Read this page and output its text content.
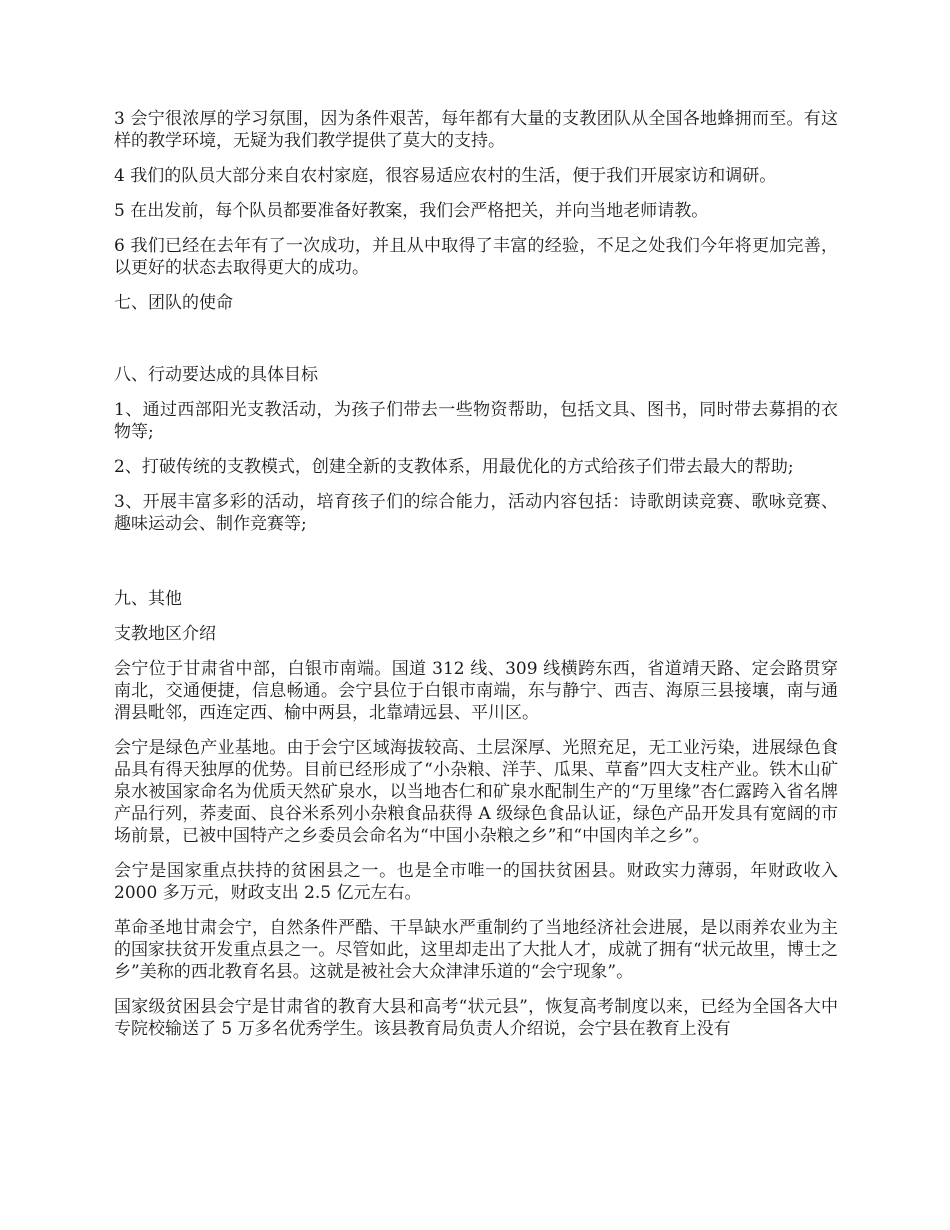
3 会宁很浓厚的学习氛围，因为条件艰苦，每年都有大量的支教团队从全国各地蜂拥而至。有这样的教学环境，无疑为我们教学提供了莫大的支持。

4 我们的队员大部分来自农村家庭，很容易适应农村的生活，便于我们开展家访和调研。

5 在出发前，每个队员都要准备好教案，我们会严格把关，并向当地老师请教。

6 我们已经在去年有了一次成功，并且从中取得了丰富的经验，不足之处我们今年将更加完善，以更好的状态去取得更大的成功。

七、团队的使命

八、行动要达成的具体目标

1、通过西部阳光支教活动，为孩子们带去一些物资帮助，包括文具、图书，同时带去募捐的衣物等;

2、打破传统的支教模式，创建全新的支教体系，用最优化的方式给孩子们带去最大的帮助;

3、开展丰富多彩的活动，培育孩子们的综合能力，活动内容包括：诗歌朗读竞赛、歌咏竞赛、趣味运动会、制作竞赛等;

九、其他

支教地区介绍

会宁位于甘肃省中部，白银市南端。国道 312 线、309 线横跨东西，省道靖天路、定会路贯穿南北，交通便捷，信息畅通。会宁县位于白银市南端，东与静宁、西吉、海原三县接壤，南与通渭县毗邻，西连定西、榆中两县，北靠靖远县、平川区。

会宁是绿色产业基地。由于会宁区域海拔较高、土层深厚、光照充足，无工业污染，进展绿色食品具有得天独厚的优势。目前已经形成了“小杂粮、洋芋、瓜果、草畜”四大支柱产业。铁木山矿泉水被国家命名为优质天然矿泉水，以当地杏仁和矿泉水配制生产的“万里缘”杏仁露跨入省名牌产品行列，荞麦面、良谷米系列小杂粮食品获得 A 级绿色食品认证，绿色产品开发具有宽阔的市场前景，已被中国特产之乡委员会命名为“中国小杂粮之乡”和“中国肉羊之乡”。

会宁是国家重点扶持的贫困县之一。也是全市唯一的国扶贫困县。财政实力薄弱，年财政收入 2000 多万元，财政支出 2.5 亿元左右。

革命圣地甘肃会宁，自然条件严酷、干旱缺水严重制约了当地经济社会进展，是以雨养农业为主的国家扶贫开发重点县之一。尽管如此，这里却走出了大批人才，成就了拥有“状元故里，博士之乡”美称的西北教育名县。这就是被社会大众津津乐道的“会宁现象”。

国家级贫困县会宁是甘肃省的教育大县和高考“状元县”，恢复高考制度以来，已经为全国各大中专院校输送了 5 万多名优秀学生。该县教育局负责人介绍说，会宁县在教育上没有
